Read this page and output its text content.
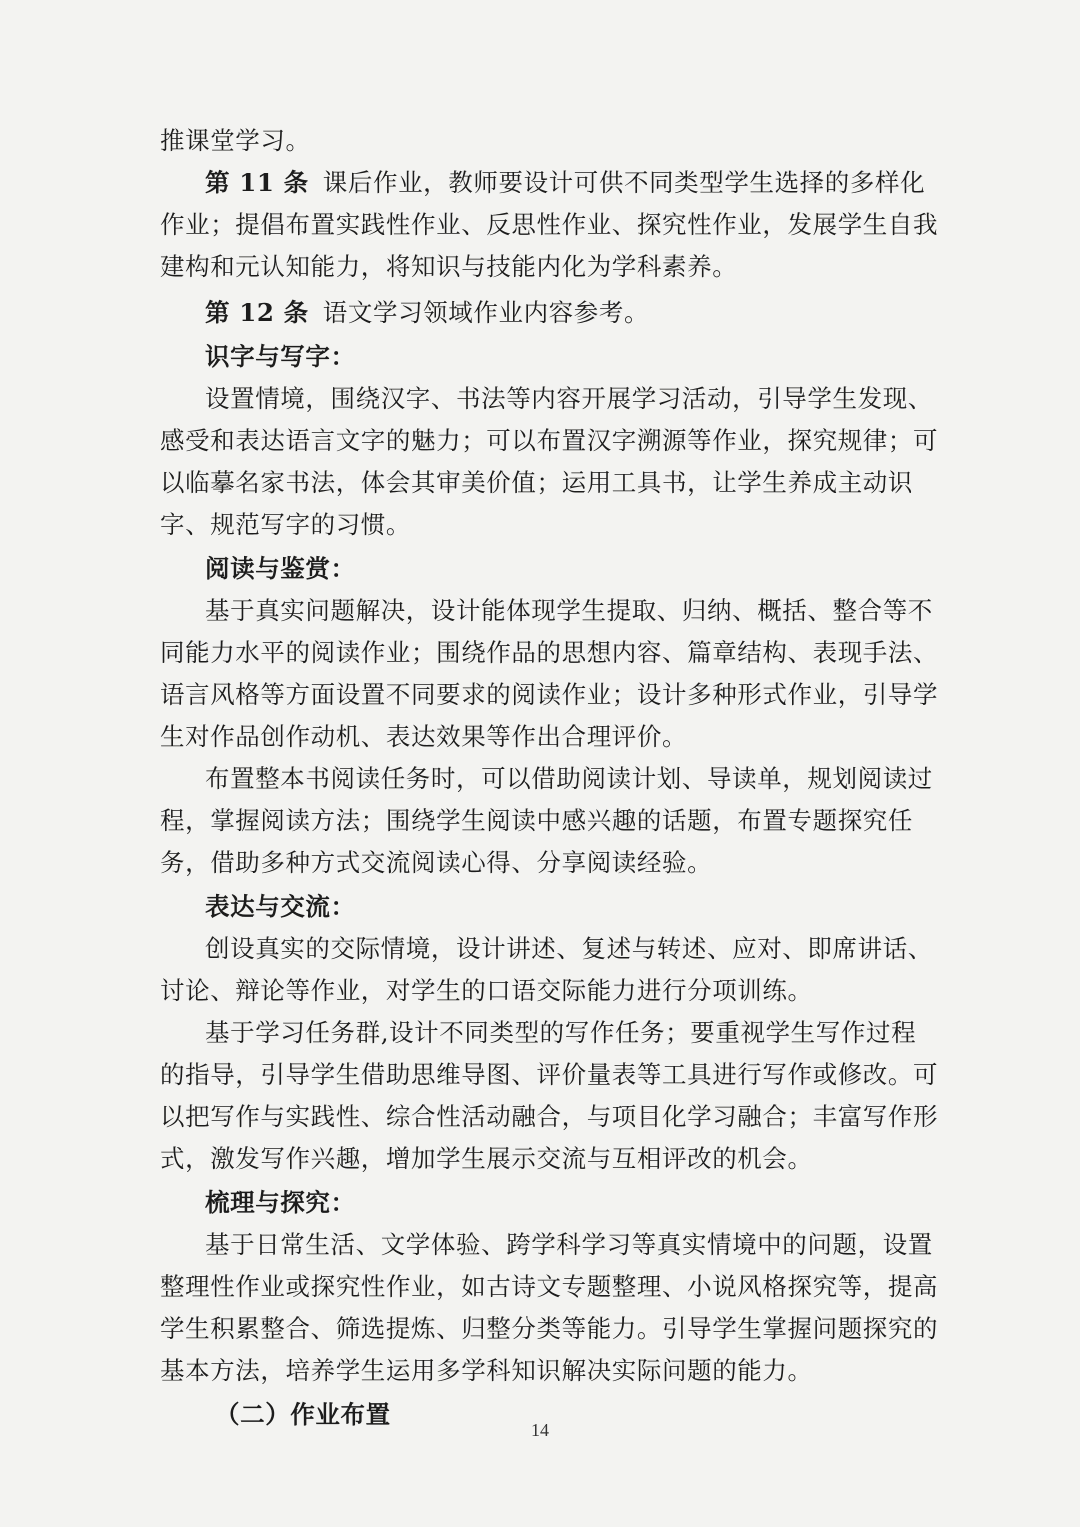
推课堂学习。

第 11 条 课后作业，教师要设计可供不同类型学生选择的多样化作业；提倡布置实践性作业、反思性作业、探究性作业，发展学生自我建构和元认知能力，将知识与技能内化为学科素养。

第 12 条 语文学习领域作业内容参考。

识字与写字：

设置情境，围绕汉字、书法等内容开展学习活动，引导学生发现、感受和表达语言文字的魅力；可以布置汉字溯源等作业，探究规律；可以临摹名家书法，体会其审美价值；运用工具书，让学生养成主动识字、规范写字的习惯。

阅读与鉴赏：

基于真实问题解决，设计能体现学生提取、归纳、概括、整合等不同能力水平的阅读作业；围绕作品的思想内容、篇章结构、表现手法、语言风格等方面设置不同要求的阅读作业；设计多种形式作业，引导学生对作品创作动机、表达效果等作出合理评价。

布置整本书阅读任务时，可以借助阅读计划、导读单，规划阅读过程，掌握阅读方法；围绕学生阅读中感兴趣的话题，布置专题探究任务，借助多种方式交流阅读心得、分享阅读经验。

表达与交流：

创设真实的交际情境，设计讲述、复述与转述、应对、即席讲话、讨论、辩论等作业，对学生的口语交际能力进行分项训练。

基于学习任务群,设计不同类型的写作任务；要重视学生写作过程的指导，引导学生借助思维导图、评价量表等工具进行写作或修改。可以把写作与实践性、综合性活动融合，与项目化学习融合；丰富写作形式，激发写作兴趣，增加学生展示交流与互相评改的机会。

梳理与探究：

基于日常生活、文学体验、跨学科学习等真实情境中的问题，设置整理性作业或探究性作业，如古诗文专题整理、小说风格探究等，提高学生积累整合、筛选提炼、归整分类等能力。引导学生掌握问题探究的基本方法，培养学生运用多学科知识解决实际问题的能力。

（二）作业布置

14
